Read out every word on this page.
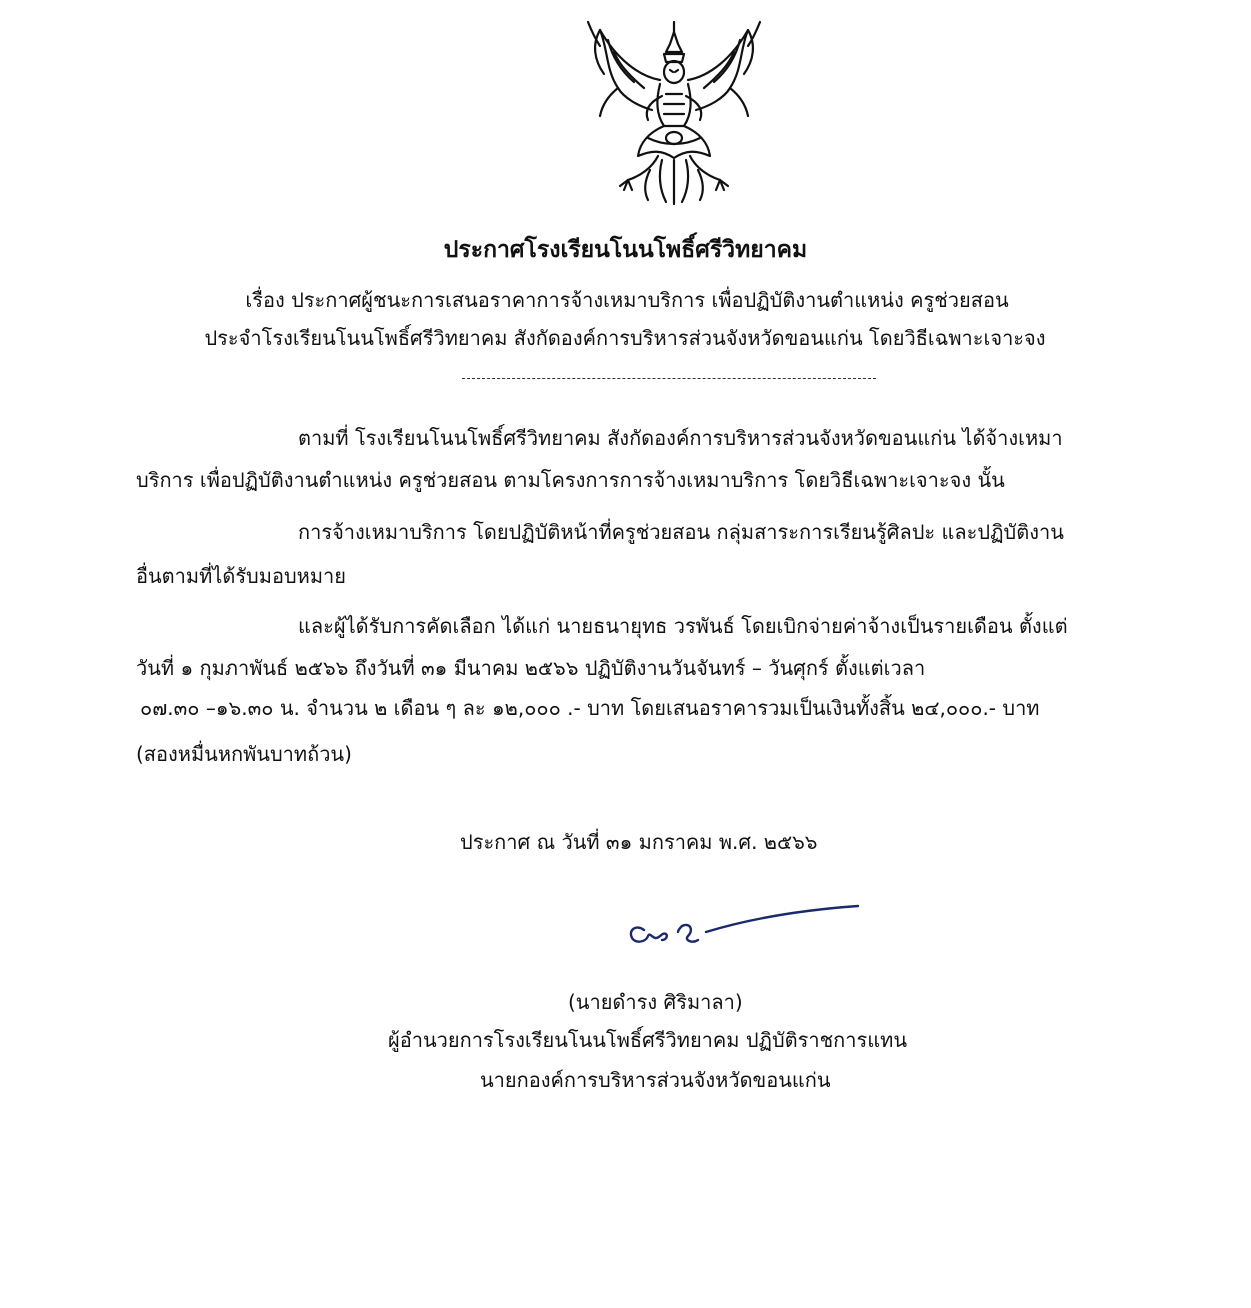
ประกาศโรงเรียนโนนโพธิ์ศรีวิทยาคม
เรื่อง ประกาศผู้ชนะการเสนอราคาการจ้างเหมาบริการ เพื่อปฏิบัติงานตำแหน่ง ครูช่วยสอน
ประจำโรงเรียนโนนโพธิ์ศรีวิทยาคม สังกัดองค์การบริหารส่วนจังหวัดขอนแก่น โดยวิธีเฉพาะเจาะจง
ตามที่ โรงเรียนโนนโพธิ์ศรีวิทยาคม สังกัดองค์การบริหารส่วนจังหวัดขอนแก่น ได้จ้างเหมา
บริการ เพื่อปฏิบัติงานตำแหน่ง ครูช่วยสอน ตามโครงการการจ้างเหมาบริการ โดยวิธีเฉพาะเจาะจง นั้น
การจ้างเหมาบริการ โดยปฏิบัติหน้าที่ครูช่วยสอน กลุ่มสาระการเรียนรู้ศิลปะ และปฏิบัติงาน
อื่นตามที่ได้รับมอบหมาย
และผู้ได้รับการคัดเลือก ได้แก่ นายธนายุทธ วรพันธ์ โดยเบิกจ่ายค่าจ้างเป็นรายเดือน ตั้งแต่
วันที่ ๑ กุมภาพันธ์ ๒๕๖๖ ถึงวันที่ ๓๑ มีนาคม ๒๕๖๖ ปฏิบัติงานวันจันทร์ – วันศุกร์ ตั้งแต่เวลา
๐๗.๓๐ –๑๖.๓๐ น. จำนวน ๒ เดือน ๆ ละ ๑๒,๐๐๐ .- บาท โดยเสนอราคารวมเป็นเงินทั้งสิ้น ๒๔,๐๐๐.- บาท
(สองหมื่นหกพันบาทถ้วน)
ประกาศ ณ วันที่ ๓๑ มกราคม พ.ศ. ๒๕๖๖
(นายดำรง ศิริมาลา)
ผู้อำนวยการโรงเรียนโนนโพธิ์ศรีวิทยาคม ปฏิบัติราชการแทน
นายกองค์การบริหารส่วนจังหวัดขอนแก่น
